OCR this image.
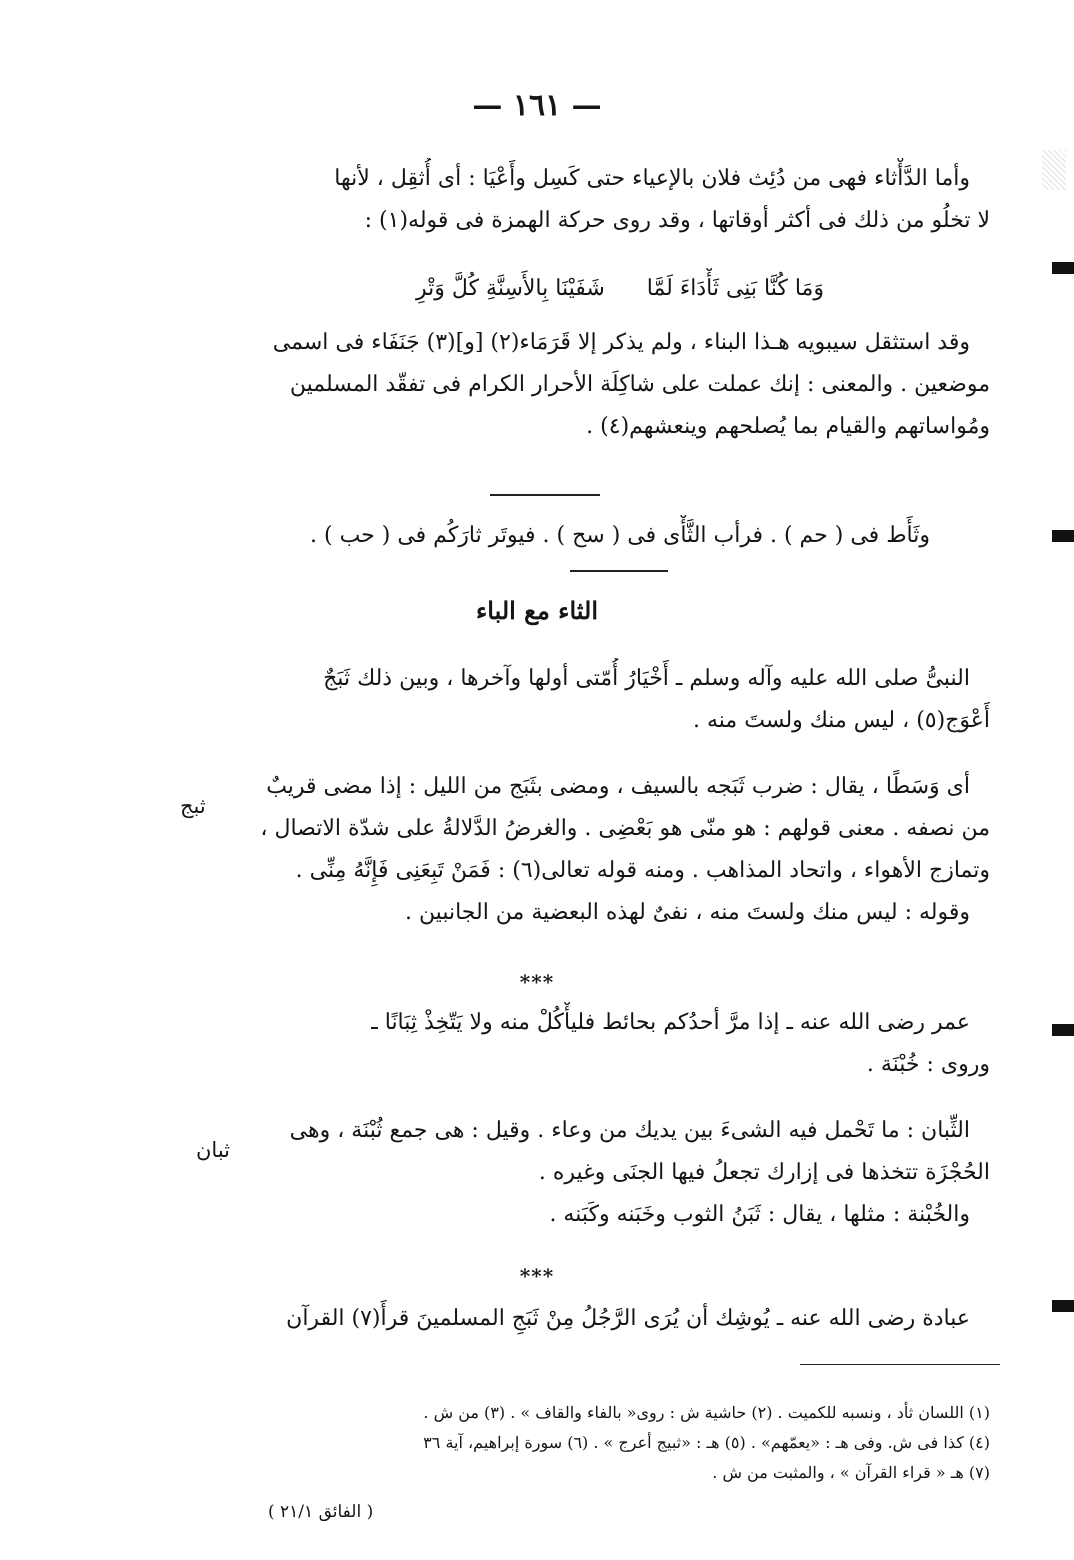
— ١٦١ —
وأما الدَّأْثاء فهى من دُئِث فلان بالإعياء حتى كَسِل وأَعْيَا : أى أُثقِل ، لأنها
لا تخلُو من ذلك فى أكثر أوقاتها ، وقد روى حركة الهمزة فى قوله(١) :
وَمَا كُنَّا بَنِى ثَأْدَاءَ لَمَّا      شَفَيْنَا بِالأَسِنَّةِ كُلَّ وَتْرِ
وقد استثقل سيبويه هـذا البناء ، ولم يذكر إلا قَرَمَاء(٢) [و](٣) جَنَفَاء فى اسمى
موضعين . والمعنى : إنك عملت على شاكِلَة الأحرار الكرام فى تفقّد المسلمين
ومُواساتهم والقيام بما يُصلحهم وينعشهم(٤) .
وثَأَط فى ( حم ) . فرأب الثَّأْى فى ( سح ) . فيوتَر ثارَكُم فى ( حب ) .
الثاء مع الباء
النبىُّ صلى الله عليه وآله وسلم ـ أَخْيَارُ أُمّتى أولها وآخرها ، وبين ذلك ثَبَجٌ
أَعْوَج(٥) ، ليس منك ولستَ منه .
ثبج
أى وَسَطًا ، يقال : ضرب ثَبَجه بالسيف ، ومضى بثَبَج من الليل : إذا مضى قريبٌ
من نصفه . معنى قولهم : هو منّى هو بَعْضِى . والغرضُ الدَّلالةُ على شدّة الاتصال ،
وتمازج الأهواء ، واتحاد المذاهب . ومنه قوله تعالى(٦) : فَمَنْ تَبِعَنِى فَإِنَّهُ مِنِّى .
وقوله : ليس منك ولستَ منه ، نفىٌ لهذه البعضية من الجانبين .
***
عمر رضى الله عنه ـ إذا مرَّ أحدُكم بحائط فليأْكُلْ منه ولا يَتّخِذْ ثِبَانًا ـ
وروى : خُبْنَة .
ثبان
الثِّبان : ما تَحْمل فيه الشىءَ بين يديك من وعاء . وقيل : هى جمع ثُبْنَة ، وهى
الحُجْزَة تتخذها فى إزارك تجعلُ فيها الجنَى وغيره .
والخُبْنة : مثلها ، يقال : ثَبَنُ الثوب وخَبَنه وكَبَنه .
***
عبادة رضى الله عنه ـ يُوشِك أن يُرَى الرَّجُلُ مِنْ ثَبَجِ المسلمينَ قرأَ(٧) القرآن
(١) اللسان ثأد ، ونسبه للكميت . (٢) حاشية ش : روى« بالفاء والقاف » . (٣) من ش .
(٤) كذا فى ش. وفى هـ : «يعمّهم» . (٥) هـ : «ثبيج أعرج » . (٦) سورة إبراهيم، آية ٣٦
(٧) هـ « قراء القرآن » ، والمثبت من ش .
( الفائق ٢١/١ )
